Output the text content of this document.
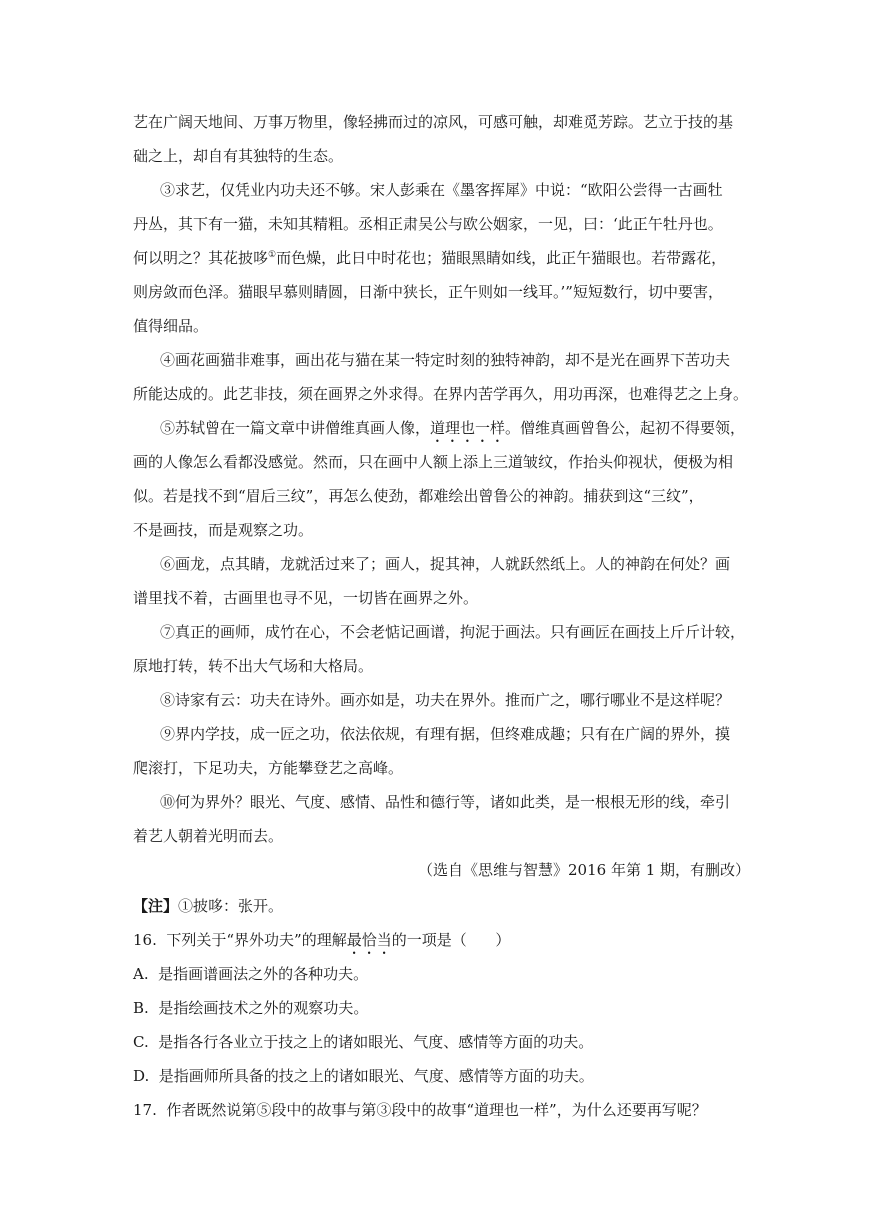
艺在广阔天地间、万事万物里，像轻拂而过的凉风，可感可触，却难觅芳踪。艺立于技的基
础之上，却自有其独特的生态。
③求艺，仅凭业内功夫还不够。宋人彭乘在《墨客挥犀》中说：“欧阳公尝得一古画牡
丹丛，其下有一猫，未知其精粗。丞相正肃吴公与欧公姻家，一见，曰：‘此正午牡丹也。
何以明之？其花披哆①而色燥，此日中时花也；猫眼黑睛如线，此正午猫眼也。若带露花，
则房敛而色泽。猫眼早慕则睛圆，日渐中狭长，正午则如一线耳。’”短短数行，切中要害，
值得细品。
④画花画猫非难事，画出花与猫在某一特定时刻的独特神韵，却不是光在画界下苦功夫
所能达成的。此艺非技，须在画界之外求得。在界内苦学再久，用功再深，也难得艺之上身。
⑤苏轼曾在一篇文章中讲僧维真画人像，道理也一样。僧维真画曾鲁公，起初不得要领，
画的人像怎么看都没感觉。然而，只在画中人额上添上三道皱纹，作抬头仰视状，便极为相
似。若是找不到“眉后三纹”，再怎么使劲，都难绘出曾鲁公的神韵。捕获到这“三纹”，
不是画技，而是观察之功。
⑥画龙，点其睛，龙就活过来了；画人，捉其神，人就跃然纸上。人的神韵在何处？画
谱里找不着，古画里也寻不见，一切皆在画界之外。
⑦真正的画师，成竹在心，不会老惦记画谱，拘泥于画法。只有画匠在画技上斤斤计较，
原地打转，转不出大气场和大格局。
⑧诗家有云：功夫在诗外。画亦如是，功夫在界外。推而广之，哪行哪业不是这样呢？
⑨界内学技，成一匠之功，依法依规，有理有据，但终难成趣；只有在广阔的界外，摸
爬滚打，下足功夫，方能攀登艺之高峰。
⑩何为界外？眼光、气度、感情、品性和德行等，诸如此类，是一根根无形的线，牵引
着艺人朝着光明而去。
（选自《思维与智慧》2016 年第 1 期，有删改）
【注】①披哆：张开。
16.  下列关于“界外功夫”的理解最恰当的一项是（      ）
A.  是指画谱画法之外的各种功夫。
B.  是指绘画技术之外的观察功夫。
C.  是指各行各业立于技之上的诸如眼光、气度、感情等方面的功夫。
D.  是指画师所具备的技之上的诸如眼光、气度、感情等方面的功夫。
17.  作者既然说第⑤段中的故事与第③段中的故事“道理也一样”，为什么还要再写呢？
